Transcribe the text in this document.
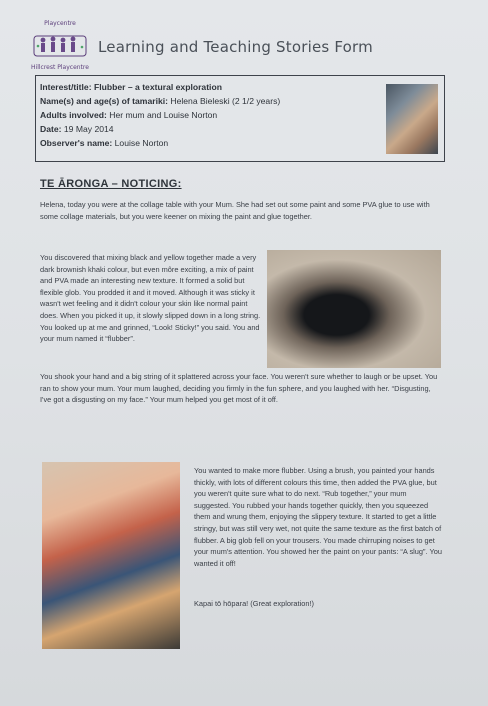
Playcentre
Hillcrest Playcentre
Learning and Teaching Stories Form
Interest/title: Flubber – a textural exploration
Name(s) and age(s) of tamariki: Helena Bieleski (2 1/2 years)
Adults involved: Her mum and Louise Norton
Date: 19 May 2014
Observer's name: Louise Norton
TE ĀRONGA – NOTICING:
Helena, today you were at the collage table with your Mum. She had set out some paint and some PVA glue to use with some collage materials, but you were keener on mixing the paint and glue together.
You discovered that mixing black and yellow together made a very dark brownish khaki colour, but even môre exciting, a mix of paint and PVA made an interesting new texture. It formed a solid but flexible glob. You prodded it and it moved. Although it was sticky it wasn't wet feeling and it didn't colour your skin like normal paint does. When you picked it up, it slowly slipped down in a long string. You looked up at me and grinned, “Look! Sticky!” you said. You and your mum named it “flubber”.
You shook your hand and a big string of it splattered across your face. You weren't sure whether to laugh or be upset. You ran to show your mum. Your mum laughed, deciding you firmly in the fun sphere, and you laughed with her. “Disgusting, I've got a disgusting on my face.” Your mum helped you get most of it off.
You wanted to make more flubber. Using a brush, you painted your hands thickly, with lots of different colours this time, then added the PVA glue, but you weren't quite sure what to do next. “Rub together,” your mum suggested. You rubbed your hands together quickly, then you squeezed them and wrung them, enjoying the slippery texture. It started to get a little stringy, but was still very wet, not quite the same texture as the first batch of flubber. A big glob fell on your trousers. You made chirruping noises to get your mum's attention. You showed her the paint on your pants: “A slug”. You wanted it off!
Kapai tō hōpara! (Great exploration!)
